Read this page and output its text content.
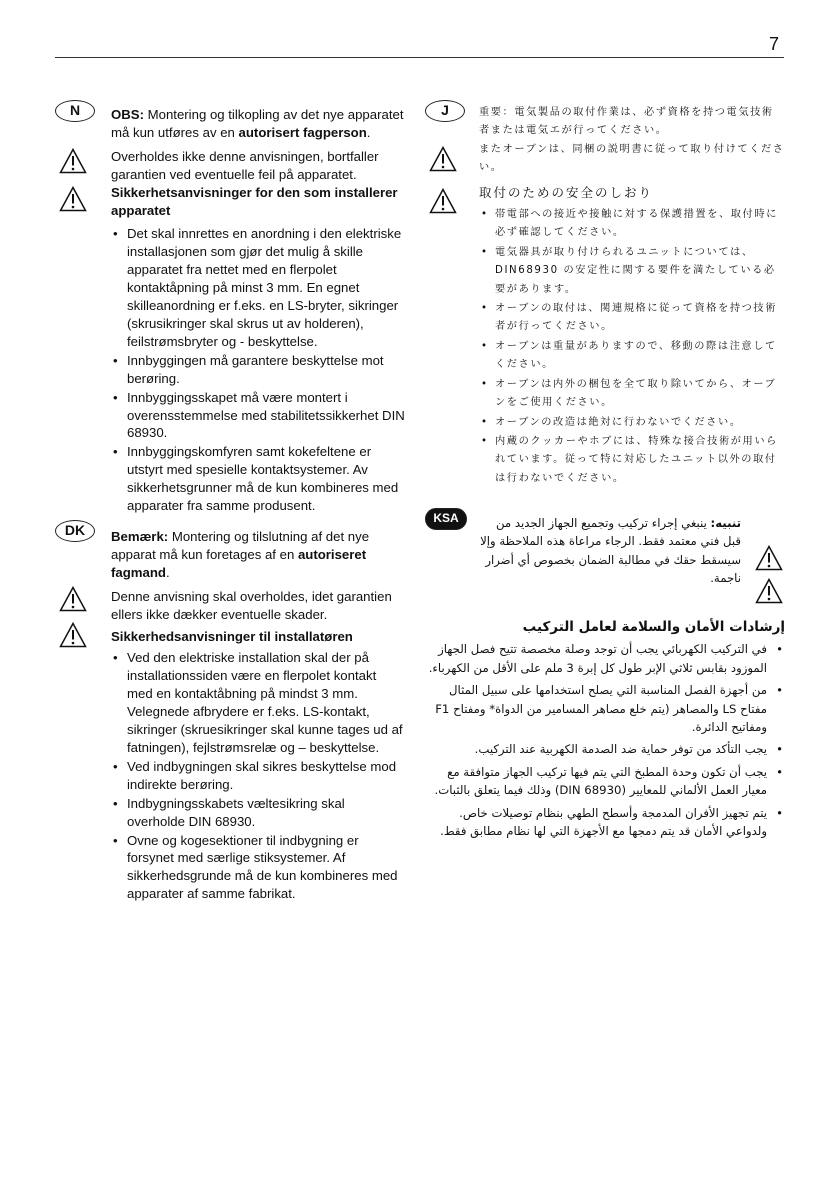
7
N	OBS: Montering og tilkopling av det nye apparatet må kun utføres av en autorisert fagperson.

Overholdes ikke denne anvisningen, bortfaller garantien ved eventuelle feil på apparatet.

Sikkerhetsanvisninger for den som installerer apparatet

• Det skal innrettes en anordning i den elektriske installasjonen som gjør det mulig å skille apparatet fra nettet med en flerpolet kontaktåpning på minst 3 mm. En egnet skilleanordning er f.eks. en LS-bryter, sikringer (skrusikringer skal skrus ut av holderen), feilstrømsbryter og - beskyttelse.
• Innbyggingen må garantere beskyttelse mot berøring.
• Innbyggingsskapet må være montert i overensstemmelse med stabilitetssikkerhet DIN 68930.
• Innbyggingskomfyren samt kokefeltene er utstyrt med spesielle kontaktsystemer. Av sikkerhetsgrunner må de kun kombineres med apparater fra samme produsent.
DK	Bemærk: Montering og tilslutning af det nye apparat må kun foretages af en autoriseret fagmand.

Denne anvisning skal overholdes, idet garantien ellers ikke dækker eventuelle skader.

Sikkerhedsanvisninger til installatøren

• Ved den elektriske installation skal der på installationssiden være en flerpolet kontakt med en kontaktåbning på mindst 3 mm. Velegnede afbrydere er f.eks. LS-kontakt, sikringer (skruesikringer skal kunne tages ud af fatningen), fejlstrømsrelæ og – beskyttelse.
• Ved indbygningen skal sikres beskyttelse mod indirekte berøring.
• Indbygningsskabets væltesikring skal overholde DIN 68930.
• Ovne og kogesektioner til indbygning er forsynet med særlige stiksystemer. Af sikkerhedsgrunde må de kun kombineres med apparater af samme fabrikat.
J	重要：電気製品の取付作業は、必ず資格を持つ電気技術者または電気エが行ってください。

またオーブンは、同梱の説明書に従って取り付けてください。

取付のための安全のしおり

• 帯電部への接近や接触に対する保護措置を、取付時に必ず確認してください。
• 電気器具が取り付けられるユニットについては、DIN68930 の安定性に関する要件を満たしている必要があります。
• オーブンの取付は、関連規格に従って資格を持つ技術者が行ってください。
• オーブンは重量がありますので、移動の際は注意してください。
• オーブンは内外の梱包を全て取り除いてから、オーブンをご使用ください。
• オーブンの改造は絶対に行わないでください。
• 内蔵のクッカーやホブには、特殊な接合技術が用いられています。従って特に対応したユニット以外の取付は行わないでください。
KSA	تنبيه: ينبغي إجراء تركيب وتجميع الجهاز الجديد من قبل فني معتمد فقط. الرجاء مراعاة هذه الملاحظة وإلا سيسقط حقك في مطالبة الضمان بخصوص أي أضرار ناجمة.

إرشادات الأمان والسلامة لعامل التركيب

• في التركيب الكهربائي يجب أن توجد وصلة مخصصة تتيح فصل الجهاز الموزود بقابس ثلاثي الإبر طول كل إبرة 3 ملم على الأقل من الكهرباء.
• من أجهزة الفصل المناسبة التي يصلح استخدامها على سبيل المثال مفتاح LS والمصاهر (يتم خلع مصاهر المسامير من الدواة* ومفتاح F1 ومفاتيح الدائرة.
• يجب التأكد من توفر حماية ضد الصدمة الكهربية عند التركيب.
• يجب أن تكون وحدة المطبخ التي يتم فيها تركيب الجهاز متوافقة مع معيار العمل الألماني للمعايير (DIN 68930) وذلك فيما يتعلق بالثبات.
• يتم تجهيز الأفران المدمجة وأسطح الطهي بنظام توصيلات خاص. ولدواعي الأمان قد يتم دمجها مع الأجهزة التي لها نظام مطابق فقط.
